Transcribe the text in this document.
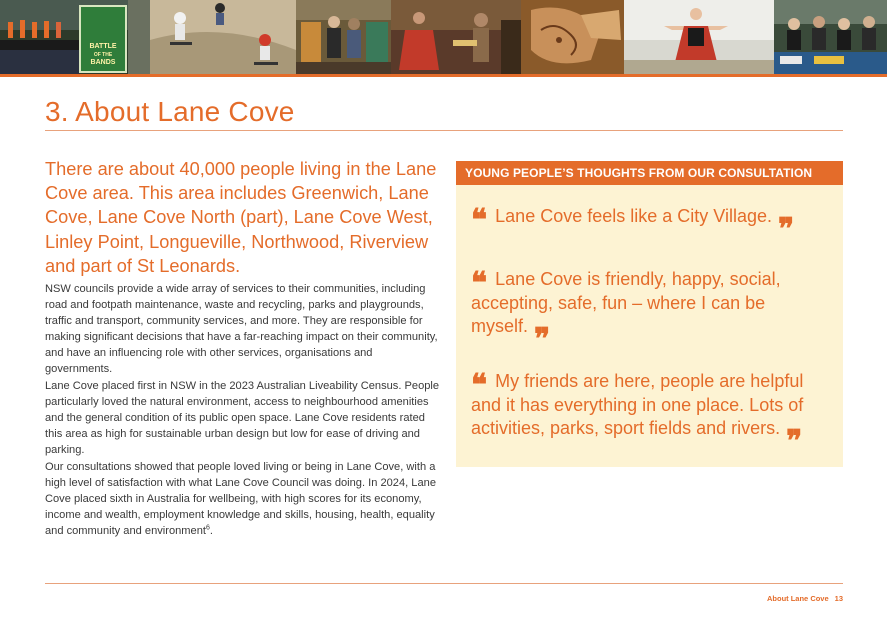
BATTLE
OF THE
BANDS
3. About Lane Cove

There are about 40,000 people living in the Lane Cove area. This area includes Greenwich, Lane Cove, Lane Cove North (part), Lane Cove West, Linley Point, Longueville, Northwood, Riverview and part of St Leonards.

NSW councils provide a wide array of services to their communities, including road and footpath maintenance, waste and recycling, parks and playgrounds, traffic and transport, community services, and more. They are responsible for making significant decisions that have a far-reaching impact on their community, and have an influencing role with other services, organisations and governments.

Lane Cove placed first in NSW in the 2023 Australian Liveability Census. People particularly loved the natural environment, access to neighbourhood amenities and the general condition of its public open space. Lane Cove residents rated this area as high for sustainable urban design but low for ease of driving and parking.

Our consultations showed that people loved living or being in Lane Cove, with a high level of satisfaction with what Lane Cove Council was doing. In 2024, Lane Cove placed sixth in Australia for wellbeing, with high scores for its economy, income and wealth, employment knowledge and skills, housing, health, equality and community and environment$^6$.

YOUNG PEOPLE’S THOUGHTS FROM OUR CONSULTATION

❝ Lane Cove feels like a City Village. ❞

❝ Lane Cove is friendly, happy, social, accepting, safe, fun – where I can be myself. ❞

❝ My friends are here, people are helpful and it has everything in one place. Lots of activities, parks, sport fields and rivers. ❞

About Lane Cove 13
